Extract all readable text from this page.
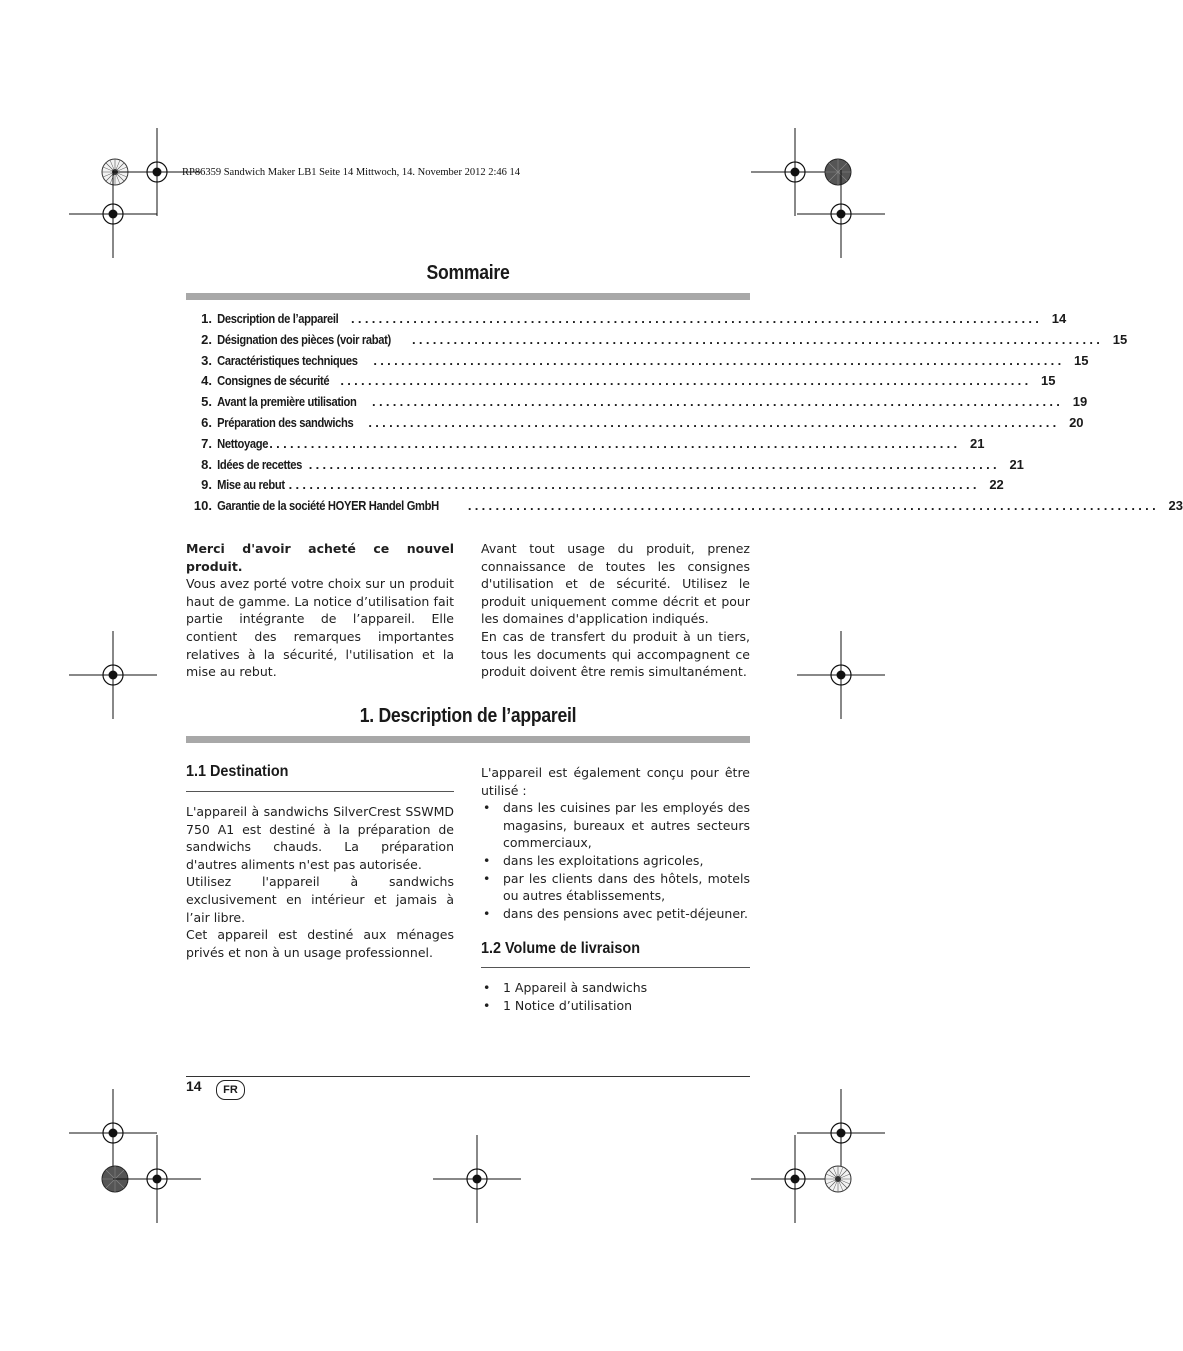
RP86359 Sandwich Maker LB1 Seite 14 Mittwoch, 14. November 2012 2:46 14
Sommaire
1. Description de l’appareil .................................................................................................... 14
2. Désignation des pièces (voir rabat) .................................................................................................... 15
3. Caractéristiques techniques .................................................................................................... 15
4. Consignes de sécurité .................................................................................................... 15
5. Avant la première utilisation .................................................................................................... 19
6. Préparation des sandwichs .................................................................................................... 20
7. Nettoyage .................................................................................................... 21
8. Idées de recettes .................................................................................................... 21
9. Mise au rebut .................................................................................................... 22
10. Garantie de la société HOYER Handel GmbH .................................................................................................... 23

Merci d'avoir acheté ce nouvel produit.

Vous avez porté votre choix sur un produit haut de gamme. La notice d’utilisation fait partie intégrante de l’appareil. Elle contient des remarques importantes relatives à la sécurité, l'utilisation et la mise au rebut.

Avant tout usage du produit, prenez connaissance de toutes les consignes d'utilisation et de sécurité. Utilisez le produit uniquement comme décrit et pour les domaines d'application indiqués.

En cas de transfert du produit à un tiers, tous les documents qui accompagnent ce produit doivent être remis simultanément.

1. Description de l’appareil
1.1 Destination

L'appareil à sandwichs SilverCrest SSWMD 750 A1 est destiné à la préparation de sandwichs chauds. La préparation d'autres aliments n'est pas autorisée.

Utilisez l'appareil à sandwichs exclusivement en intérieur et jamais à l’air libre.

Cet appareil est destiné aux ménages privés et non à un usage professionnel.

L'appareil est également conçu pour être utilisé :

• dans les cuisines par les employés des magasins, bureaux et autres secteurs commerciaux,
• dans les exploitations agricoles,
• par les clients dans des hôtels, motels ou autres établissements,
• dans des pensions avec petit-déjeuner.
1.2 Volume de livraison
• 1 Appareil à sandwichs
• 1 Notice d’utilisation
14	FR
